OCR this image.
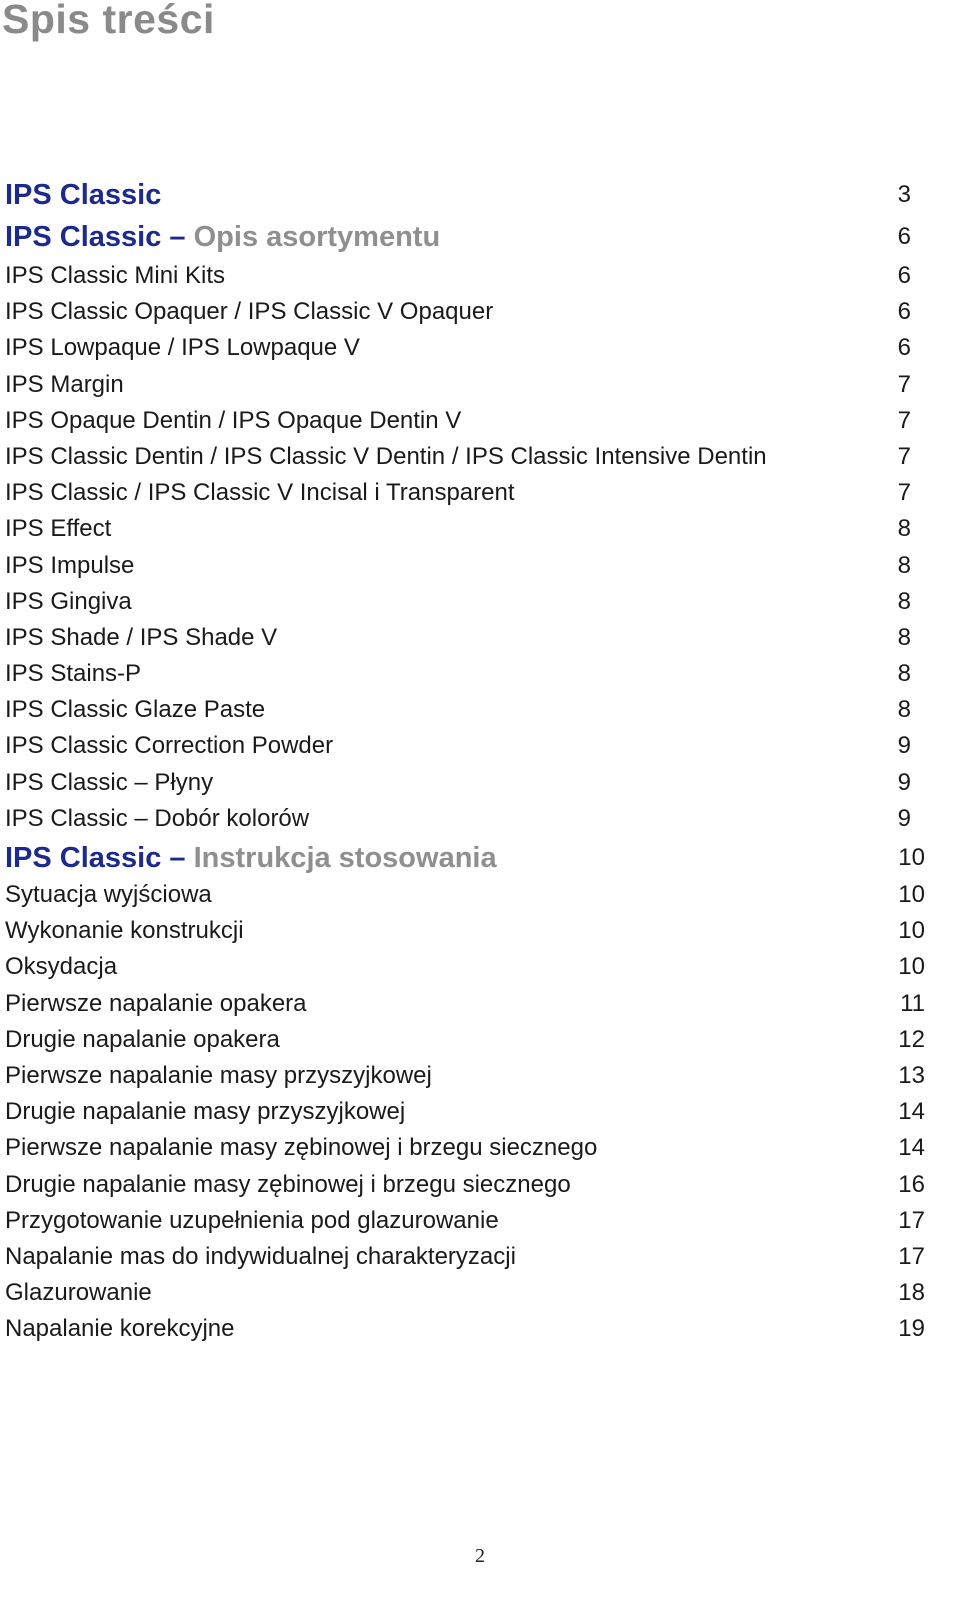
Spis treści
IPS Classic	3
IPS Classic – Opis asortymentu	6
IPS Classic Mini Kits	6
IPS Classic Opaquer / IPS Classic V Opaquer	6
IPS Lowpaque / IPS Lowpaque V	6
IPS Margin	7
IPS Opaque Dentin / IPS Opaque Dentin V	7
IPS Classic Dentin / IPS Classic V Dentin / IPS Classic Intensive Dentin	7
IPS Classic / IPS Classic V Incisal i Transparent	7
IPS Effect	8
IPS Impulse	8
IPS Gingiva	8
IPS Shade / IPS Shade V	8
IPS Stains-P	8
IPS Classic Glaze Paste	8
IPS Classic Correction Powder	9
IPS Classic – Płyny	9
IPS Classic – Dobór kolorów	9
IPS Classic – Instrukcja stosowania	10
Sytuacja wyjściowa	10
Wykonanie konstrukcji	10
Oksydacja	10
Pierwsze napalanie opakera	11
Drugie napalanie opakera	12
Pierwsze napalanie masy przyszyjkowej	13
Drugie napalanie masy przyszyjkowej	14
Pierwsze napalanie masy zębinowej i brzegu siecznego	14
Drugie napalanie masy zębinowej i brzegu siecznego	16
Przygotowanie uzupełnienia pod glazurowanie	17
Napalanie mas do indywidualnej charakteryzacji	17
Glazurowanie	18
Napalanie korekcyjne	19
2
